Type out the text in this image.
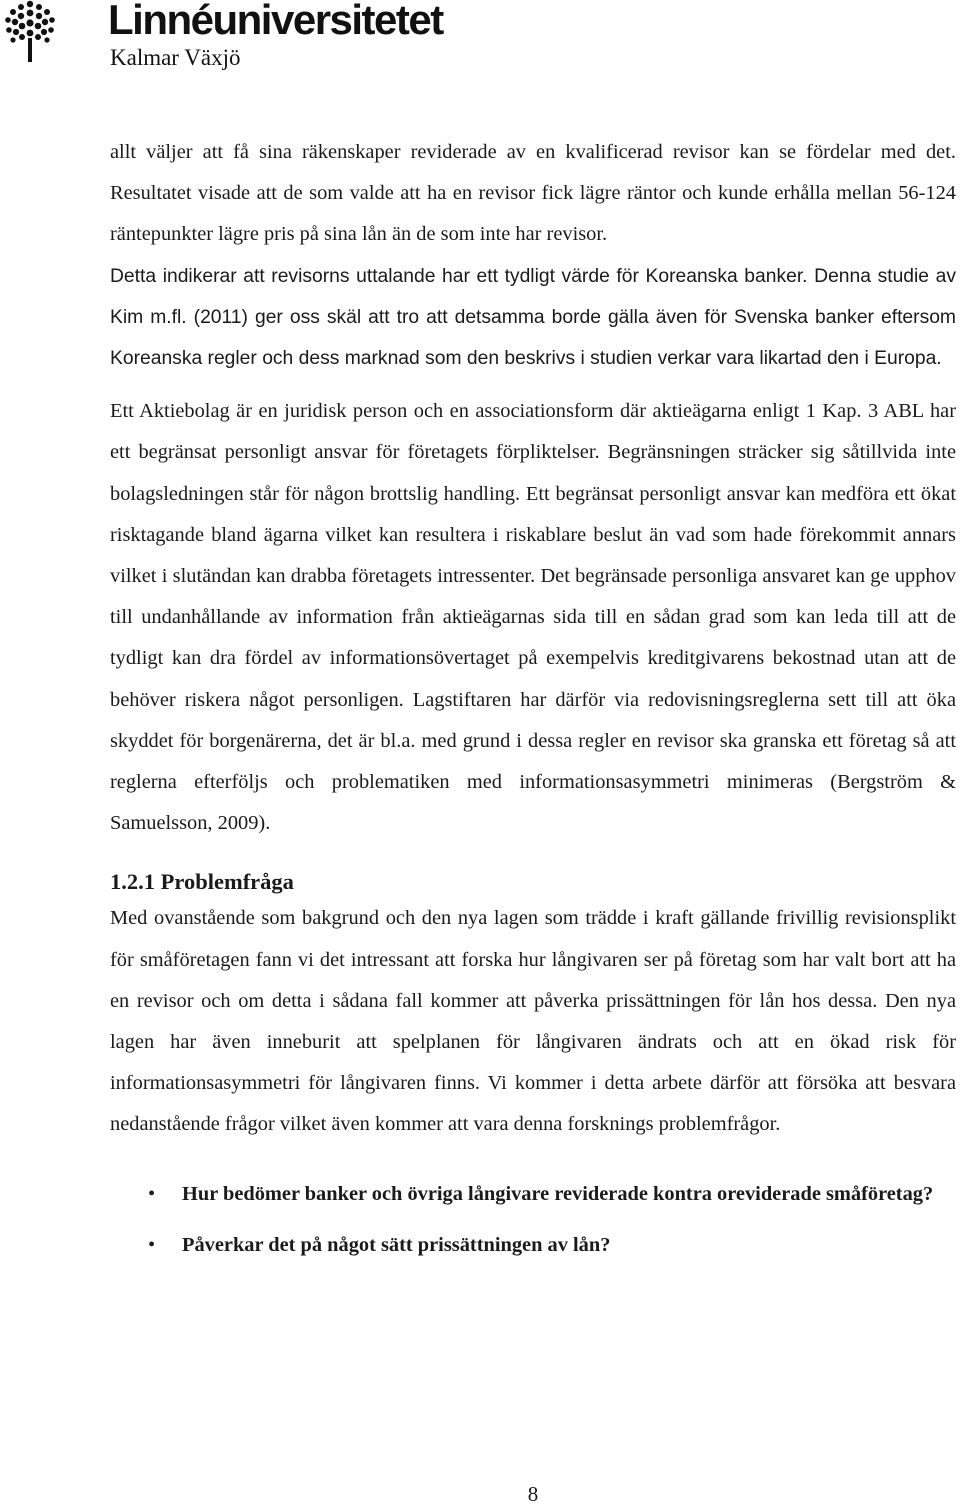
Linnéuniversitetet
Kalmar Växjö

allt väljer att få sina räkenskaper reviderade av en kvalificerad revisor kan se fördelar med det. Resultatet visade att de som valde att ha en revisor fick lägre räntor och kunde erhålla mellan 56-124 räntepunkter lägre pris på sina lån än de som inte har revisor.

Detta indikerar att revisorns uttalande har ett tydligt värde för Koreanska banker. Denna studie av Kim m.fl. (2011) ger oss skäl att tro att detsamma borde gälla även för Svenska banker eftersom Koreanska regler och dess marknad som den beskrivs i studien verkar vara likartad den i Europa.

Ett Aktiebolag är en juridisk person och en associationsform där aktieägarna enligt 1 Kap. 3 ABL har ett begränsat personligt ansvar för företagets förpliktelser. Begränsningen sträcker sig såtillvida inte bolagsledningen står för någon brottslig handling. Ett begränsat personligt ansvar kan medföra ett ökat risktagande bland ägarna vilket kan resultera i riskablare beslut än vad som hade förekommit annars vilket i slutändan kan drabba företagets intressenter. Det begränsade personliga ansvaret kan ge upphov till undanhållande av information från aktieägarnas sida till en sådan grad som kan leda till att de tydligt kan dra fördel av informationsövertaget på exempelvis kreditgivarens bekostnad utan att de behöver riskera något personligen. Lagstiftaren har därför via redovisningsreglerna sett till att öka skyddet för borgenärerna, det är bl.a. med grund i dessa regler en revisor ska granska ett företag så att reglerna efterföljs och problematiken med informationsasymmetri minimeras (Bergström & Samuelsson, 2009).

1.2.1 Problemfråga

Med ovanstående som bakgrund och den nya lagen som trädde i kraft gällande frivillig revisionsplikt för småföretagen fann vi det intressant att forska hur långivaren ser på företag som har valt bort att ha en revisor och om detta i sådana fall kommer att påverka prissättningen för lån hos dessa. Den nya lagen har även inneburit att spelplanen för långivaren ändrats och att en ökad risk för informationsasymmetri för långivaren finns. Vi kommer i detta arbete därför att försöka att besvara nedanstående frågor vilket även kommer att vara denna forsknings problemfrågor.

• Hur bedömer banker och övriga långivare reviderade kontra oreviderade småföretag?
• Påverkar det på något sätt prissättningen av lån?
8
